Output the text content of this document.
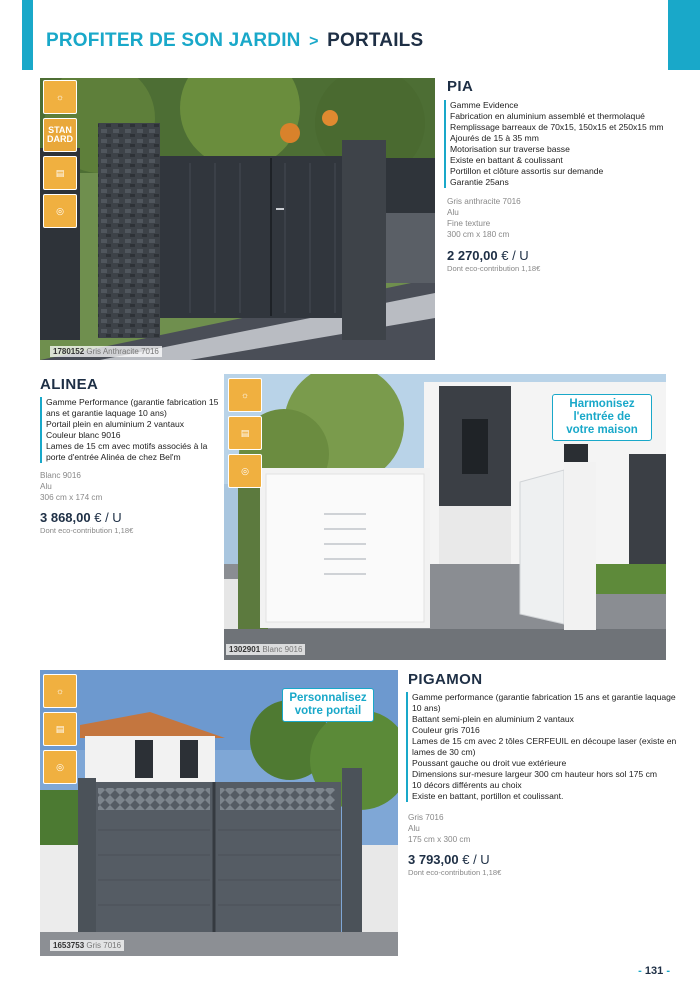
PROFITER DE SON JARDIN > PORTAILS
1780152 Gris Anthracite 7016
☼
STAN DARD
▤
◎
PIA
Gamme Evidence
Fabrication en aluminium assemblé et thermolaqué
Remplissage barreaux de 70x15, 150x15 et 250x15 mm
Ajourés de 15 à 35 mm
Motorisation sur traverse basse
Existe en battant & coulissant
Portillon et clôture assortis sur demande
Garantie 25ans
Gris anthracite 7016
Alu
Fine texture
300 cm x 180 cm
2 270,00 € / U
Dont eco-contribution 1,18€
ALINEA
Gamme Performance (garantie fabrication 15 ans et garantie laquage 10 ans)
Portail plein en aluminium 2 vantaux
Couleur blanc 9016
Lames de 15 cm avec motifs associés à la porte d'entrée Alinéa de chez Bel'm
Blanc 9016
Alu
306 cm x 174 cm
3 868,00 € / U
Dont eco-contribution 1,18€
1302901 Blanc 9016
☼
▤
◎
Harmonisez l'entrée de votre maison
1653753 Gris 7016
☼
▤
◎
Personnalisez votre portail
PIGAMON
Gamme performance (garantie fabrication 15 ans et garantie laquage 10 ans)
Battant semi-plein en aluminium 2 vantaux
Couleur gris 7016
Lames de 15 cm avec 2 tôles CERFEUIL en découpe laser (existe en lames de 30 cm)
Poussant gauche ou droit vue extérieure
Dimensions sur-mesure largeur 300 cm hauteur hors sol 175 cm
10 décors différents au choix
Existe en battant, portillon et coulissant.
Gris 7016
Alu
175 cm x 300 cm
3 793,00 € / U
Dont eco-contribution 1,18€
- 131 -
